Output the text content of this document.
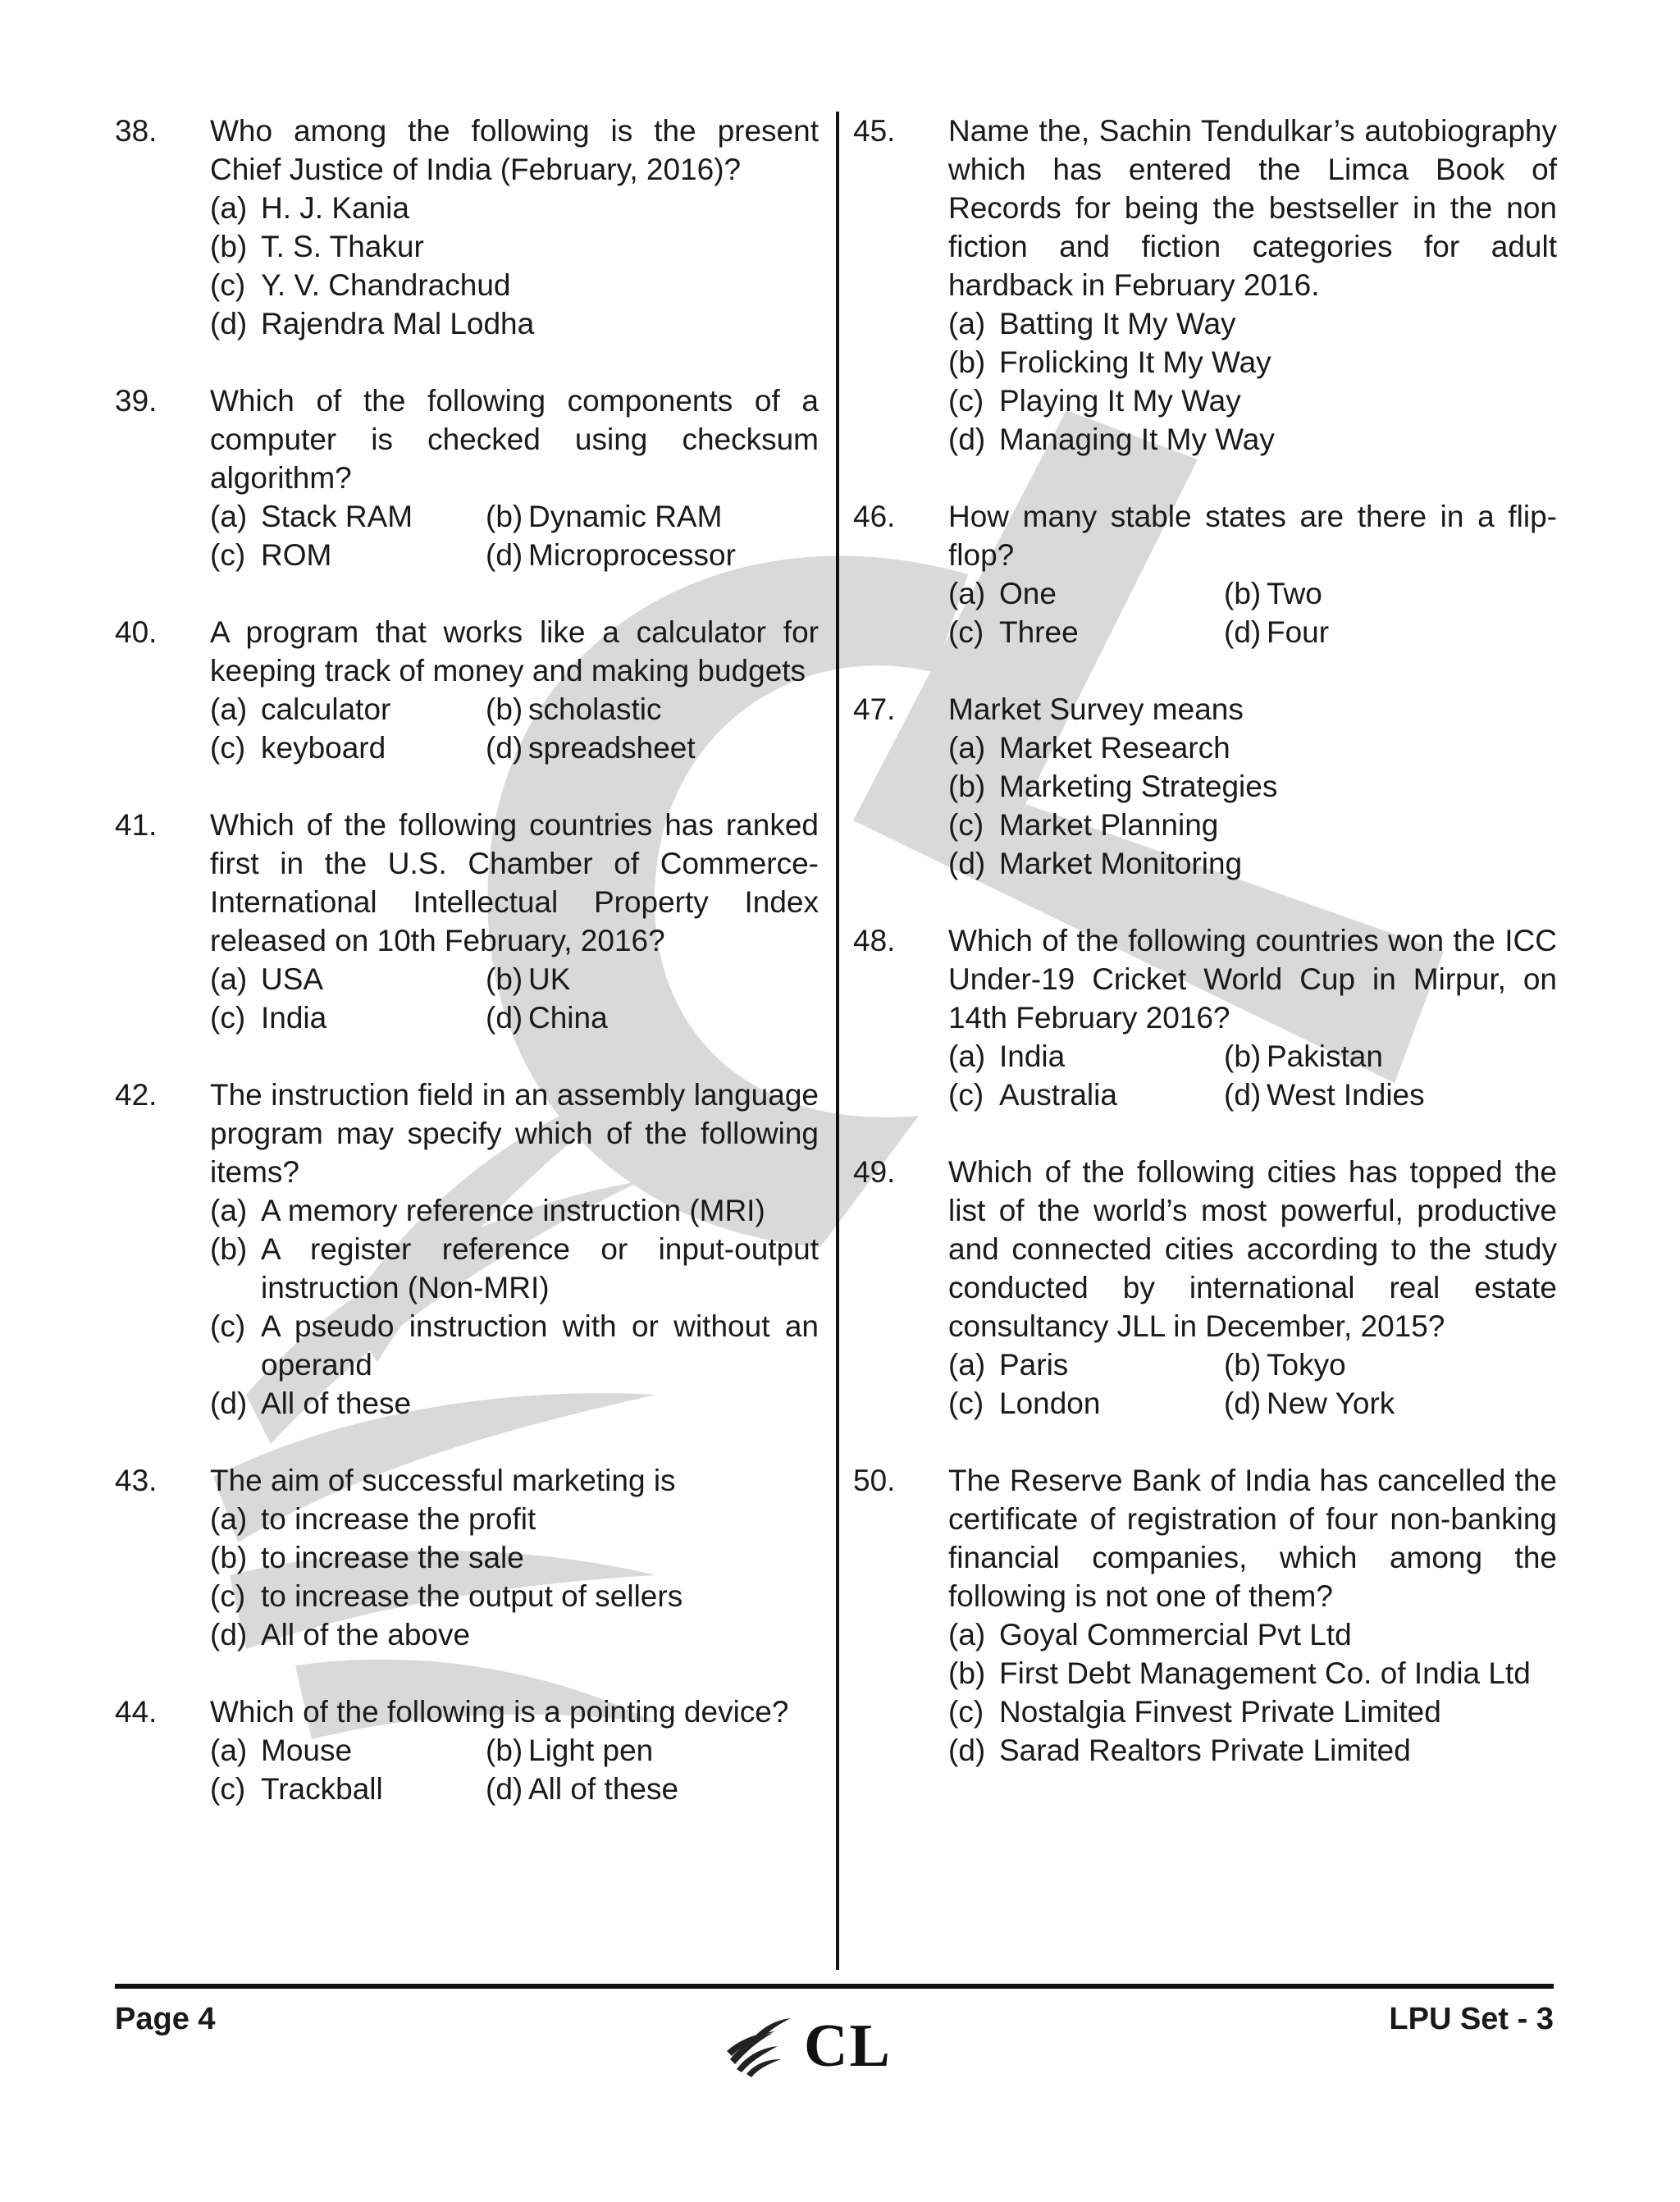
38. Who among the following is the present Chief Justice of India (February, 2016)?
(a) H. J. Kania
(b) T. S. Thakur
(c) Y. V. Chandrachud
(d) Rajendra Mal Lodha
39. Which of the following components of a computer is checked using checksum algorithm?
(a) Stack RAM	(b) Dynamic RAM
(c) ROM	(d) Microprocessor
40. A program that works like a calculator for keeping track of money and making budgets
(a) calculator	(b) scholastic
(c) keyboard	(d) spreadsheet
41. Which of the following countries has ranked first in the U.S. Chamber of Commerce-International Intellectual Property Index released on 10th February, 2016?
(a) USA	(b) UK
(c) India	(d) China
42. The instruction field in an assembly language program may specify which of the following items?
(a) A memory reference instruction (MRI)
(b) A register reference or input-output instruction (Non-MRI)
(c) A pseudo instruction with or without an operand
(d) All of these
43. The aim of successful marketing is
(a) to increase the profit
(b) to increase the sale
(c) to increase the output of sellers
(d) All of the above
44. Which of the following is a pointing device?
(a) Mouse	(b) Light pen
(c) Trackball	(d) All of these
45. Name the, Sachin Tendulkar’s autobiography which has entered the Limca Book of Records for being the bestseller in the non fiction and fiction categories for adult hardback in February 2016.
(a) Batting It My Way
(b) Frolicking It My Way
(c) Playing It My Way
(d) Managing It My Way
46. How many stable states are there in a flip-flop?
(a) One	(b) Two
(c) Three	(d) Four
47. Market Survey means
(a) Market Research
(b) Marketing Strategies
(c) Market Planning
(d) Market Monitoring
48. Which of the following countries won the ICC Under-19 Cricket World Cup in Mirpur, on 14th February 2016?
(a) India	(b) Pakistan
(c) Australia	(d) West Indies
49. Which of the following cities has topped the list of the world’s most powerful, productive and connected cities according to the study conducted by international real estate consultancy JLL in December, 2015?
(a) Paris	(b) Tokyo
(c) London	(d) New York
50. The Reserve Bank of India has cancelled the certificate of registration of four non-banking financial companies, which among the following is not one of them?
(a) Goyal Commercial Pvt Ltd
(b) First Debt Management Co. of India Ltd
(c) Nostalgia Finvest Private Limited
(d) Sarad Realtors Private Limited
Page 4	CL	LPU Set - 3
